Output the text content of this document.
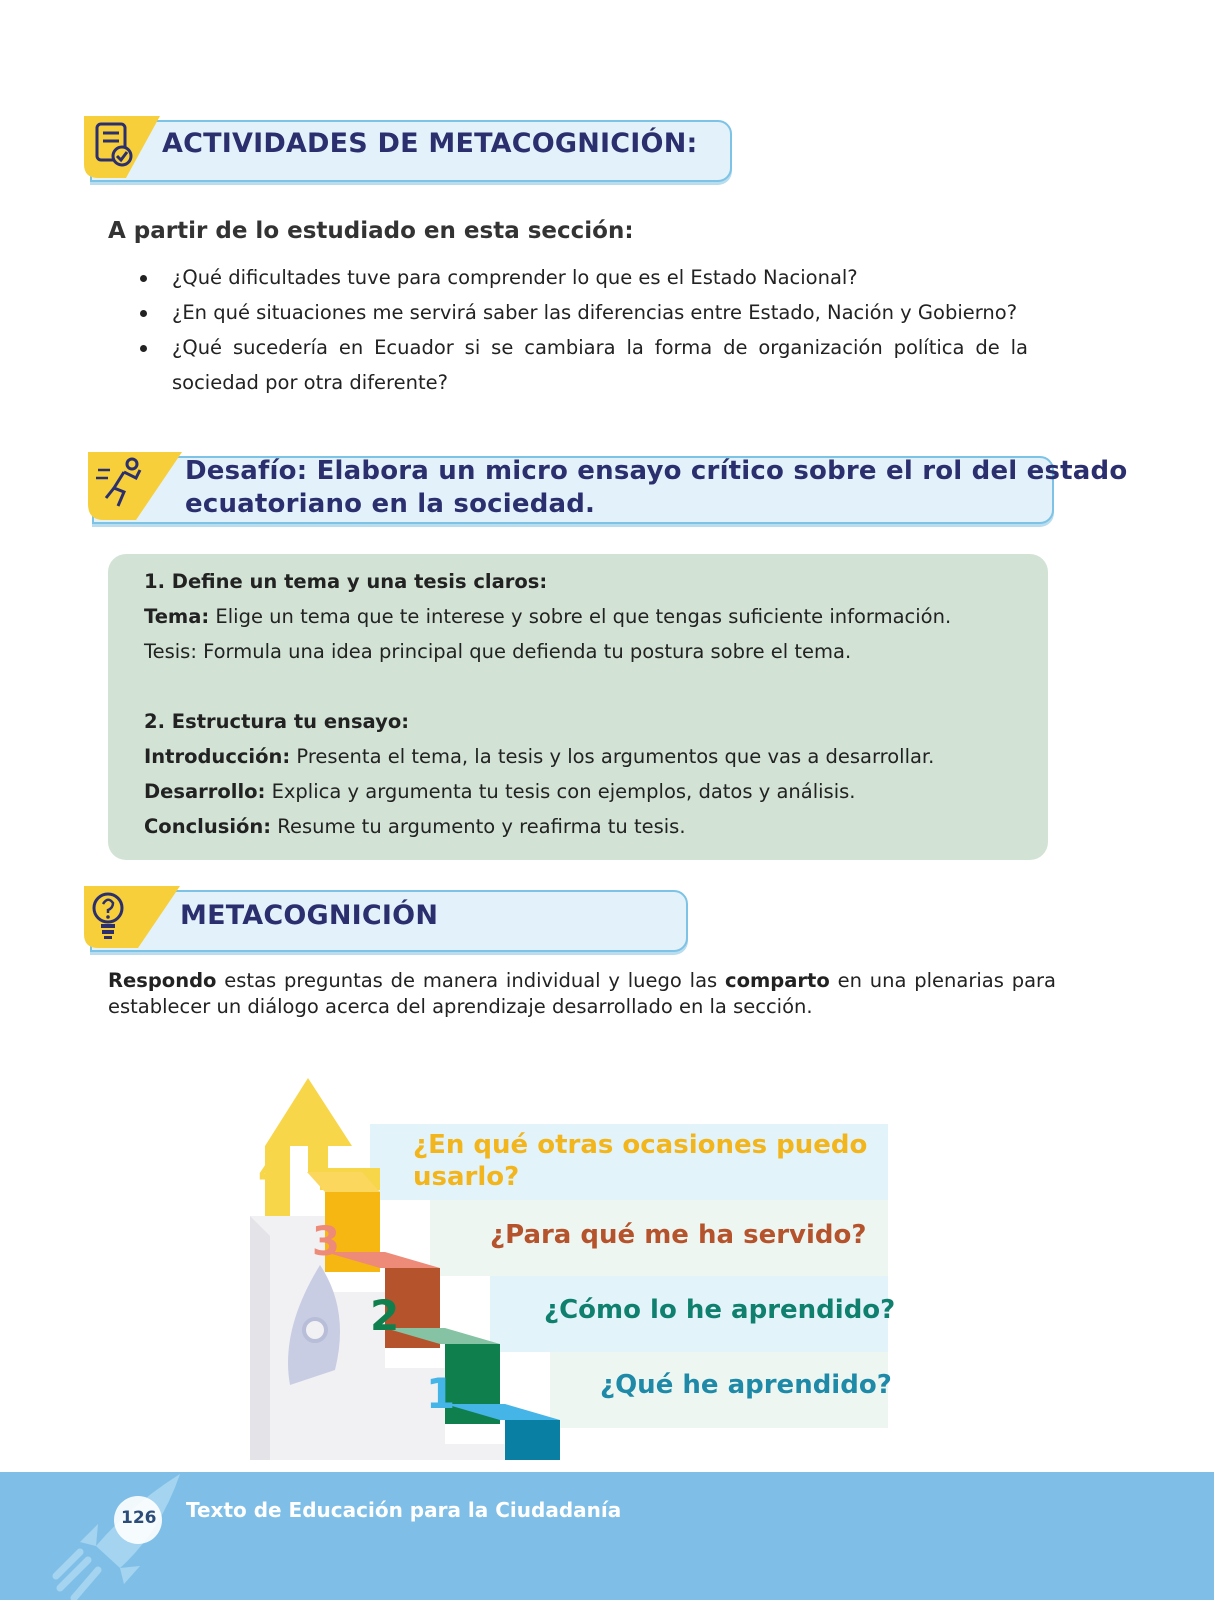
ACTIVIDADES DE METACOGNICIÓN:
A partir de lo estudiado en esta sección:
¿Qué dificultades tuve para comprender lo que es el Estado Nacional?
¿En qué situaciones me servirá saber las diferencias entre Estado, Nación y Gobierno?
¿Qué sucedería en Ecuador si se cambiara la forma de organización política de la sociedad por otra diferente?
Desafío: Elabora un micro ensayo crítico sobre el rol del estado
ecuatoriano en la sociedad.
1. Define un tema y una tesis claros:
Tema: Elige un tema que te interese y sobre el que tengas suficiente información.
Tesis: Formula una idea principal que defienda tu postura sobre el tema.
2. Estructura tu ensayo:
Introducción: Presenta el tema, la tesis y los argumentos que vas a desarrollar.
Desarrollo: Explica y argumenta tu tesis con ejemplos, datos y análisis.
Conclusión: Resume tu argumento y reafirma tu tesis.
METACOGNICIÓN
Respondo estas preguntas de manera individual y luego las comparto en una plenarias para establecer un diálogo acerca del aprendizaje desarrollado en la sección.
4
3
2
1
¿En qué otras ocasiones puedo
usarlo?
¿Para qué me ha servido?
¿Cómo lo he aprendido?
¿Qué he aprendido?
126 Texto de Educación para la Ciudadanía
